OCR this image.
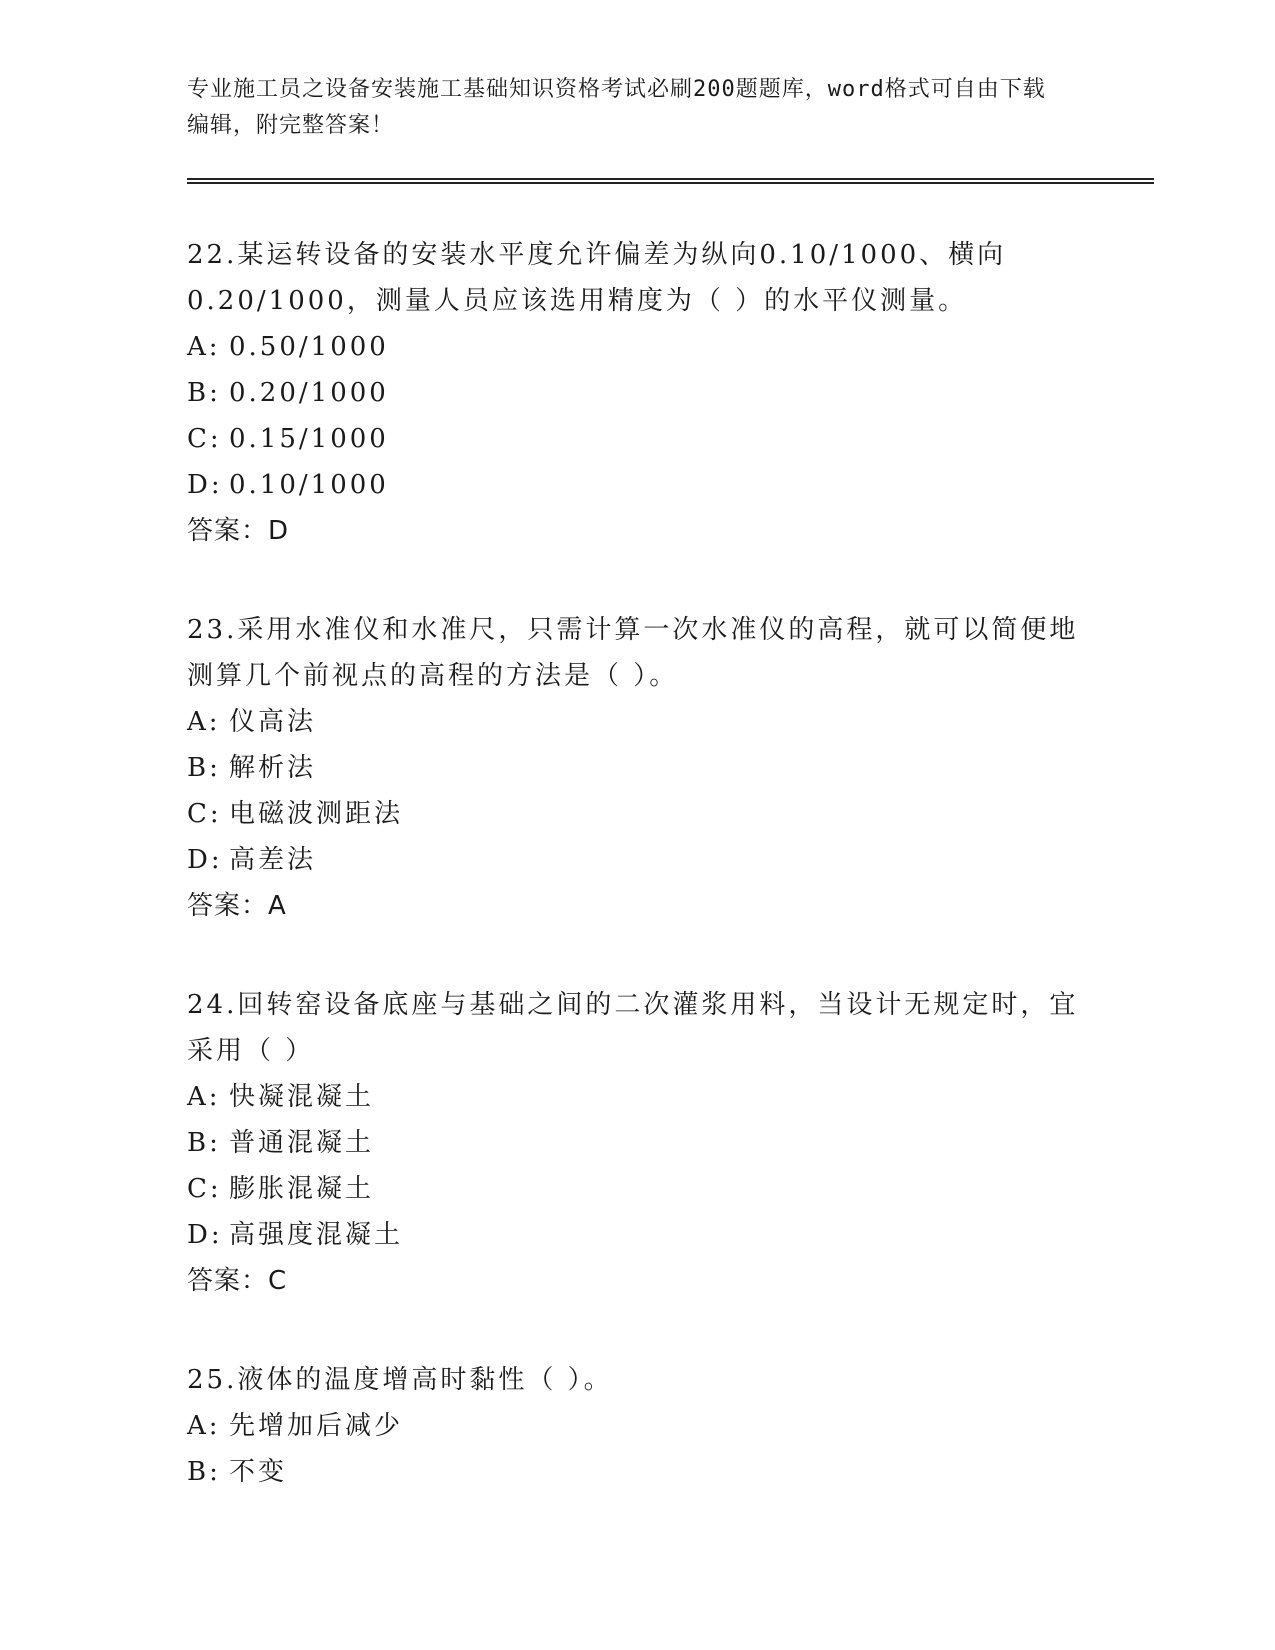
专业施工员之设备安装施工基础知识资格考试必刷200题题库，word格式可自由下载编辑，附完整答案！

22.某运转设备的安装水平度允许偏差为纵向0.10/1000、横向0.20/1000，测量人员应该选用精度为（ ）的水平仪测量。

A: 0.50/1000

B: 0.20/1000

C: 0.15/1000

D: 0.10/1000

答案：D

23.采用水准仪和水准尺，只需计算一次水准仪的高程，就可以简便地测算几个前视点的高程的方法是（ ）。

A: 仪高法

B: 解析法

C: 电磁波测距法

D: 高差法

答案：A

24.回转窑设备底座与基础之间的二次灌浆用料，当设计无规定时，宜采用（ ）

A: 快凝混凝土

B: 普通混凝土

C: 膨胀混凝土

D: 高强度混凝土

答案：C

25.液体的温度增高时黏性（ ）。

A: 先增加后减少

B: 不变
